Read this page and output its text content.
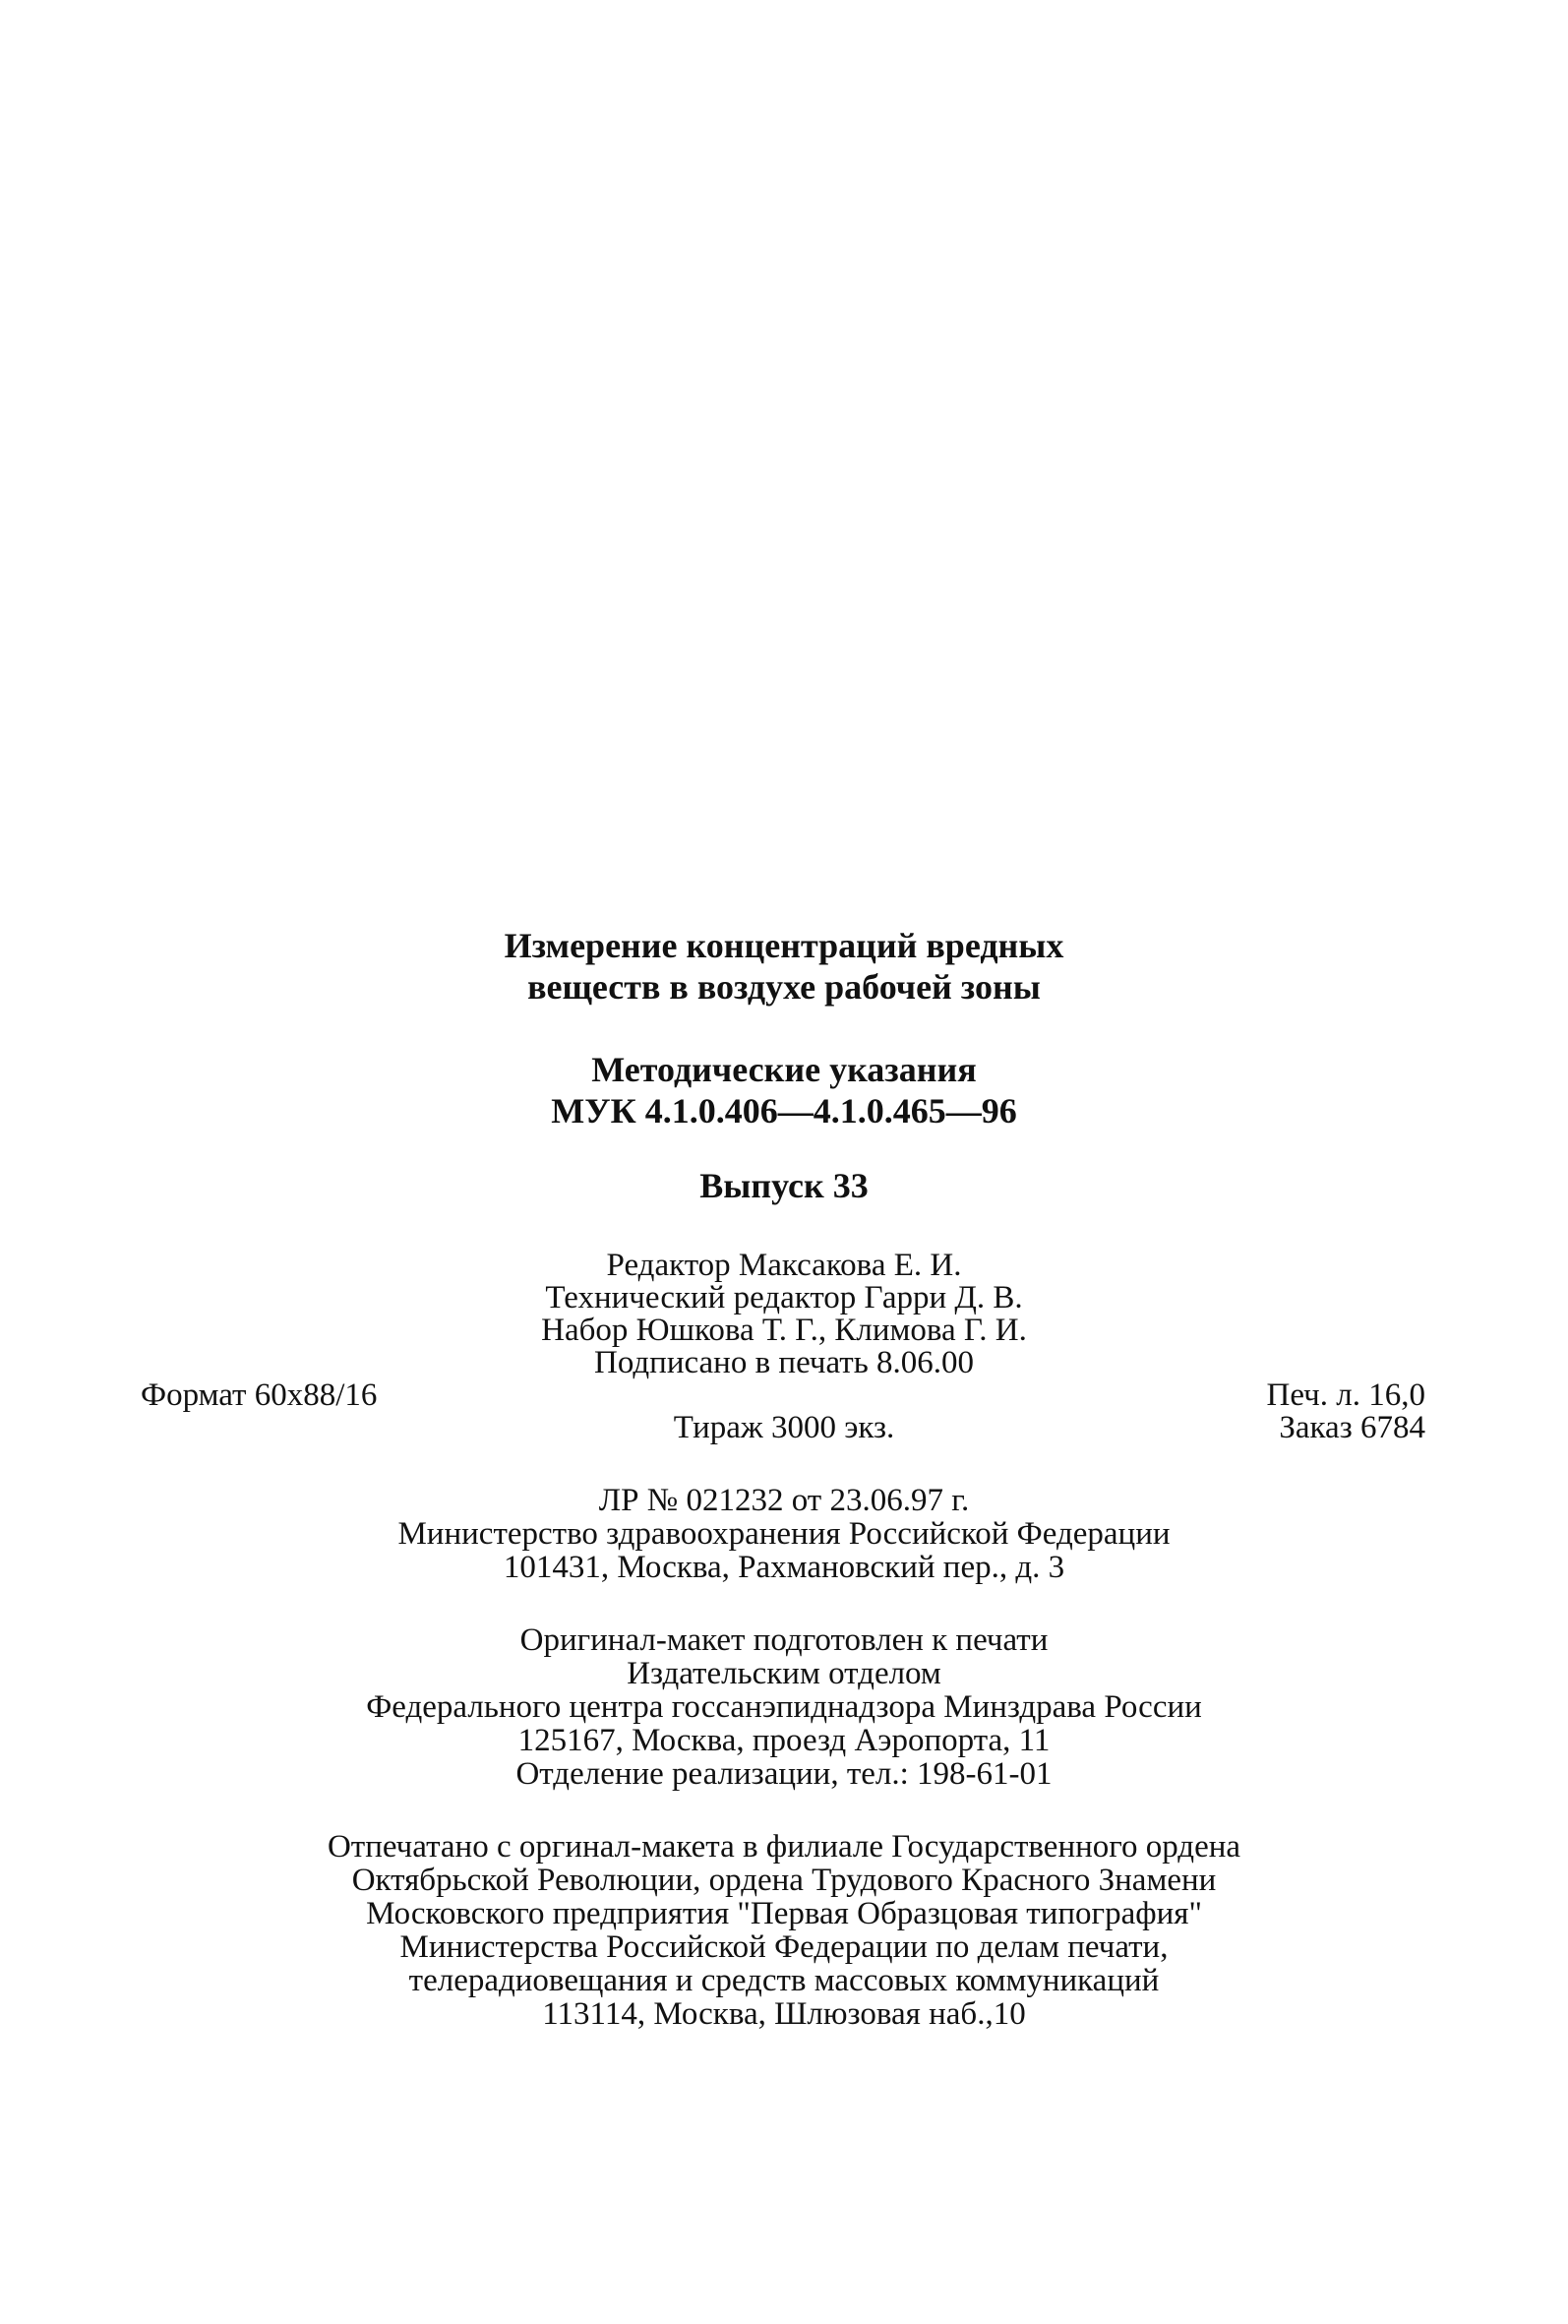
Измерение концентраций вредных
веществ в воздухе рабочей зоны
Методические указания
МУК 4.1.0.406—4.1.0.465—96
Выпуск 33
Редактор Максакова Е. И.
Технический редактор Гарри Д. В.
Набор Юшкова Т. Г., Климова Г. И.
Подписано в печать 8.06.00
Формат 60х88/16	Печ. л. 16,0
Тираж 3000 экз.	Заказ 6784
ЛР № 021232 от 23.06.97 г.
Министерство здравоохранения Российской Федерации
101431, Москва, Рахмановский пер., д. 3
Оригинал-макет подготовлен к печати
Издательским отделом
Федерального центра госсанэпиднадзора Минздрава России
125167, Москва, проезд Аэропорта, 11
Отделение реализации, тел.: 198-61-01
Отпечатано с оргинал-макета в филиале Государственного ордена
Октябрьской Революции, ордена Трудового Красного Знамени
Московского предприятия "Первая Образцовая типография"
Министерства Российской Федерации по делам печати,
телерадиовещания и средств массовых коммуникаций
113114, Москва, Шлюзовая наб.,10
